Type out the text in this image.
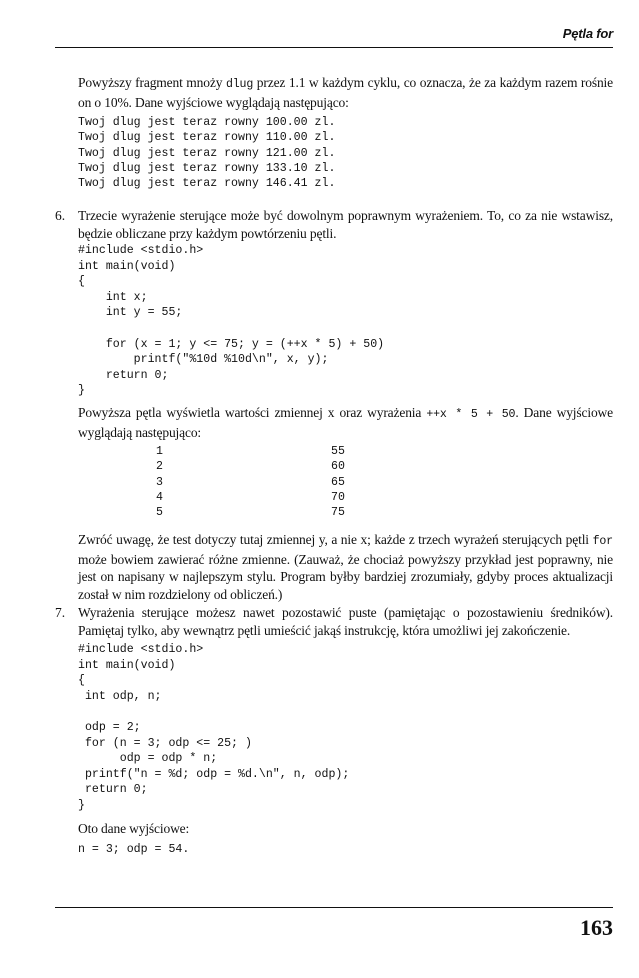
Pętla for
Powyższy fragment mnoży dlug przez 1.1 w każdym cyklu, co oznacza, że za każdym razem rośnie on o 10%. Dane wyjściowe wyglądają następująco:
Twoj dlug jest teraz rowny 100.00 zl.
Twoj dlug jest teraz rowny 110.00 zl.
Twoj dlug jest teraz rowny 121.00 zl.
Twoj dlug jest teraz rowny 133.10 zl.
Twoj dlug jest teraz rowny 146.41 zl.
6. Trzecie wyrażenie sterujące może być dowolnym poprawnym wyrażeniem. To, co za nie wstawisz, będzie obliczane przy każdym powtórzeniu pętli.
#include <stdio.h>
int main(void)
{
int x;
int y = 55;

for (x = 1; y <= 75; y = (++x * 5) + 50)
printf("%10d %10d\n", x, y);
return 0;
}
Powyższa pętla wyświetla wartości zmiennej x oraz wyrażenia ++x * 5 + 50. Dane wyjściowe wyglądają następująco:
1	55
2	60
3	65
4	70
5	75
Zwróć uwagę, że test dotyczy tutaj zmiennej y, a nie x; każde z trzech wyrażeń sterujących pętli for może bowiem zawierać różne zmienne. (Zauważ, że chociaż powyższy przykład jest poprawny, nie jest on napisany w najlepszym stylu. Program byłby bardziej zrozumiały, gdyby proces aktualizacji został w nim rozdzielony od obliczeń.)
7. Wyrażenia sterujące możesz nawet pozostawić puste (pamiętając o pozostawieniu średników). Pamiętaj tylko, aby wewnątrz pętli umieścić jakąś instrukcję, która umożliwi jej zakończenie.
#include <stdio.h>
int main(void)
{
int odp, n;

odp = 2;
for (n = 3; odp <= 25; )
odp = odp * n;
printf("n = %d; odp = %d.\n", n, odp);
return 0;
}
Oto dane wyjściowe:
n = 3; odp = 54.
163
